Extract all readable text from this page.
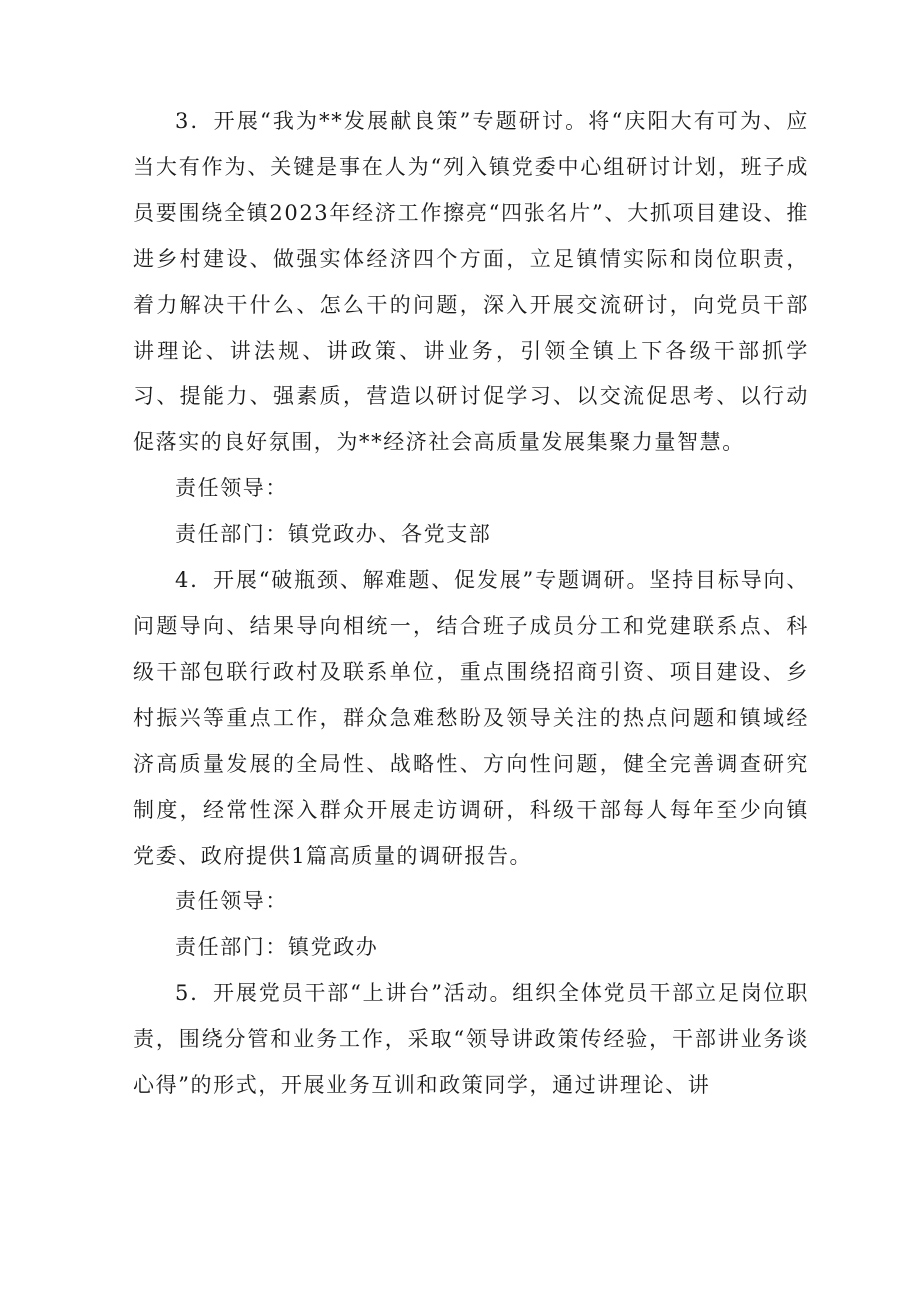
3．开展“我为**发展献良策”专题研讨。将“庆阳大有可为、应当大有作为、关键是事在人为“列入镇党委中心组研讨计划，班子成员要围绕全镇2023年经济工作擦亮“四张名片”、大抓项目建设、推进乡村建设、做强实体经济四个方面，立足镇情实际和岗位职责，着力解决干什么、怎么干的问题，深入开展交流研讨，向党员干部讲理论、讲法规、讲政策、讲业务，引领全镇上下各级干部抓学习、提能力、强素质，营造以研讨促学习、以交流促思考、以行动促落实的良好氛围，为**经济社会高质量发展集聚力量智慧。

责任领导：

责任部门：镇党政办、各党支部

4．开展“破瓶颈、解难题、促发展”专题调研。坚持目标导向、问题导向、结果导向相统一，结合班子成员分工和党建联系点、科级干部包联行政村及联系单位，重点围绕招商引资、项目建设、乡村振兴等重点工作，群众急难愁盼及领导关注的热点问题和镇域经济高质量发展的全局性、战略性、方向性问题，健全完善调查研究制度，经常性深入群众开展走访调研，科级干部每人每年至少向镇党委、政府提供1篇高质量的调研报告。

责任领导：

责任部门：镇党政办

5．开展党员干部“上讲台”活动。组织全体党员干部立足岗位职责，围绕分管和业务工作，采取“领导讲政策传经验，干部讲业务谈心得”的形式，开展业务互训和政策同学，通过讲理论、讲
